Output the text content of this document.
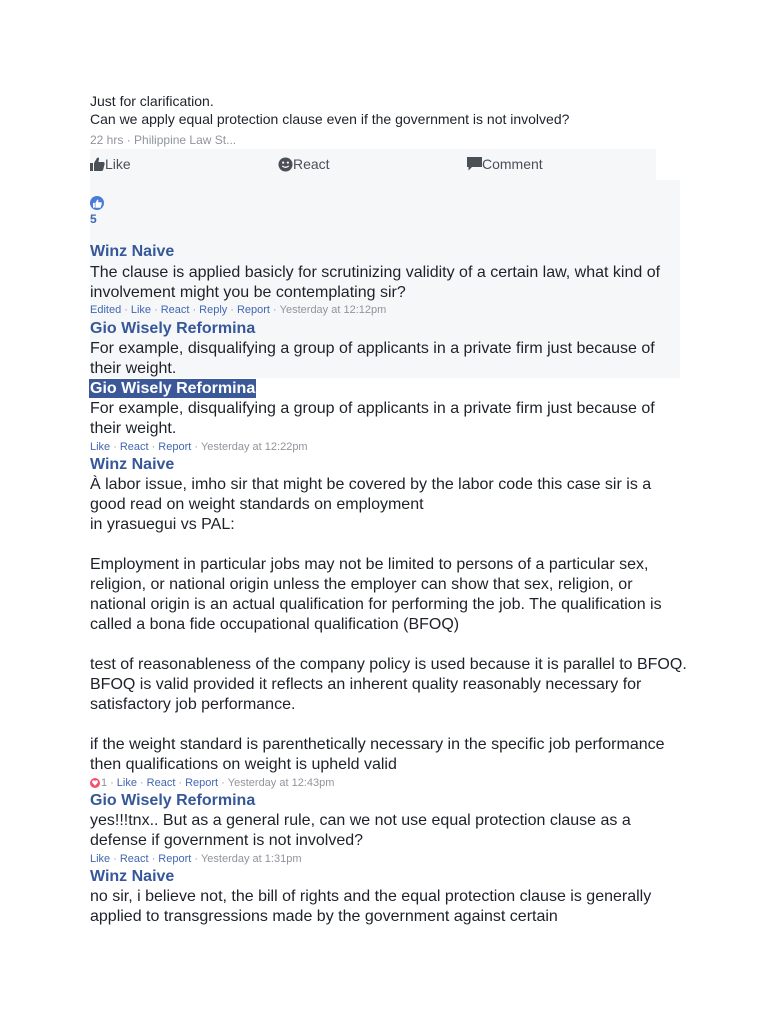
Just for clarification.
Can we apply equal protection clause even if the government is not involved?
22 hrs · Philippine Law St...
Like	React	Comment
5
Winz Naive
The clause is applied basicly for scrutinizing validity of a certain law, what kind of involvement might you be contemplating sir?
Edited · Like · React · Reply · Report · Yesterday at 12:12pm
Gio Wisely Reformina
For example, disqualifying a group of applicants in a private firm just because of their weight.
Gio Wisely Reformina
For example, disqualifying a group of applicants in a private firm just because of their weight.
Like · React · Report · Yesterday at 12:22pm
Winz Naive
À labor issue, imho sir that might be covered by the labor code this case sir is a good read on weight standards on employment
in yrasuegui vs PAL:

Employment in particular jobs may not be limited to persons of a particular sex, religion, or national origin unless the employer can show that sex, religion, or national origin is an actual qualification for performing the job. The qualification is called a bona fide occupational qualification (BFOQ)

test of reasonableness of the company policy is used because it is parallel to BFOQ. BFOQ is valid provided it reflects an inherent quality reasonably necessary for satisfactory job performance.

if the weight standard is parenthetically necessary in the specific job performance then qualifications on weight is upheld valid
1 · Like · React · Report · Yesterday at 12:43pm
Gio Wisely Reformina
yes!!!tnx.. But as a general rule, can we not use equal protection clause as a defense if government is not involved?
Like · React · Report · Yesterday at 1:31pm
Winz Naive
no sir, i believe not, the bill of rights and the equal protection clause is generally applied to transgressions made by the government against certain
